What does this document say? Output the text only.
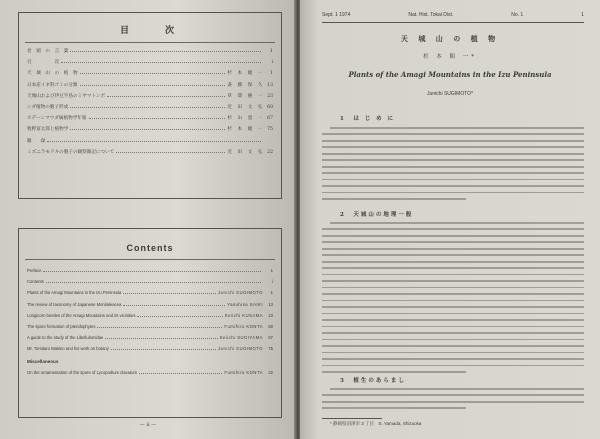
目　　次
巻　頭　の　言　葉	1
目　　　　　次	i
天　城　山　の　植　物	杉　本　順　一	1
日本産イネ科ゴミの分類	斎　藤　保　久 13
天城山および伊豆半島のミヤマトンボ	草　間　慶　一 23
シダ植物の胞子形成	近　田　文　弘 60
スデーシマウダ属植物学年報	杉　山　恵　一 67
牧野富太郎と植物学	杉　本　順　一 75
雑　　録
ミズニラモドキの胞子の観察雑記について	近　田　文　弘 22
Contents
Preface	1
Contents	i
Plants of the Amagi Mountains in the Izu Peninsula	Junichi SUGIMOTO	1
The review of taxonomy of Japanese Monilaleacea	Yasuhisa SAIKI	13
Longicorn beetles of the Amagi Mountains and its vicinities	Keiichi KUSAMA	23
The spore formation of pteridophytes	Fumihiro KONTA	60
A guide to the study of the Libellulomidae	Keiichi SUGIYAMA	67
Mr. Tomitaro Makino and his work on botany	Junichi SUGIMOTO	75
Miscellaneous
On the ornamentation of the spore of Lycopodium clavatum	Fumihiro KONTA	22
— ii —
Sept. 1 1974	Nat. Hist. Tokai Dist.	No. 1	1
天 城 山 の 植 物
杉 本 順 一*
Plants of the Amagi Mountains in the Izu Peninsula
Junichi SUGIMOTO*
1　は じ め に
2　天城山の地理一般
3　植生のあらまし
* 静岡県沼津市 3 丁目　S. Yamada, Shizuoka
